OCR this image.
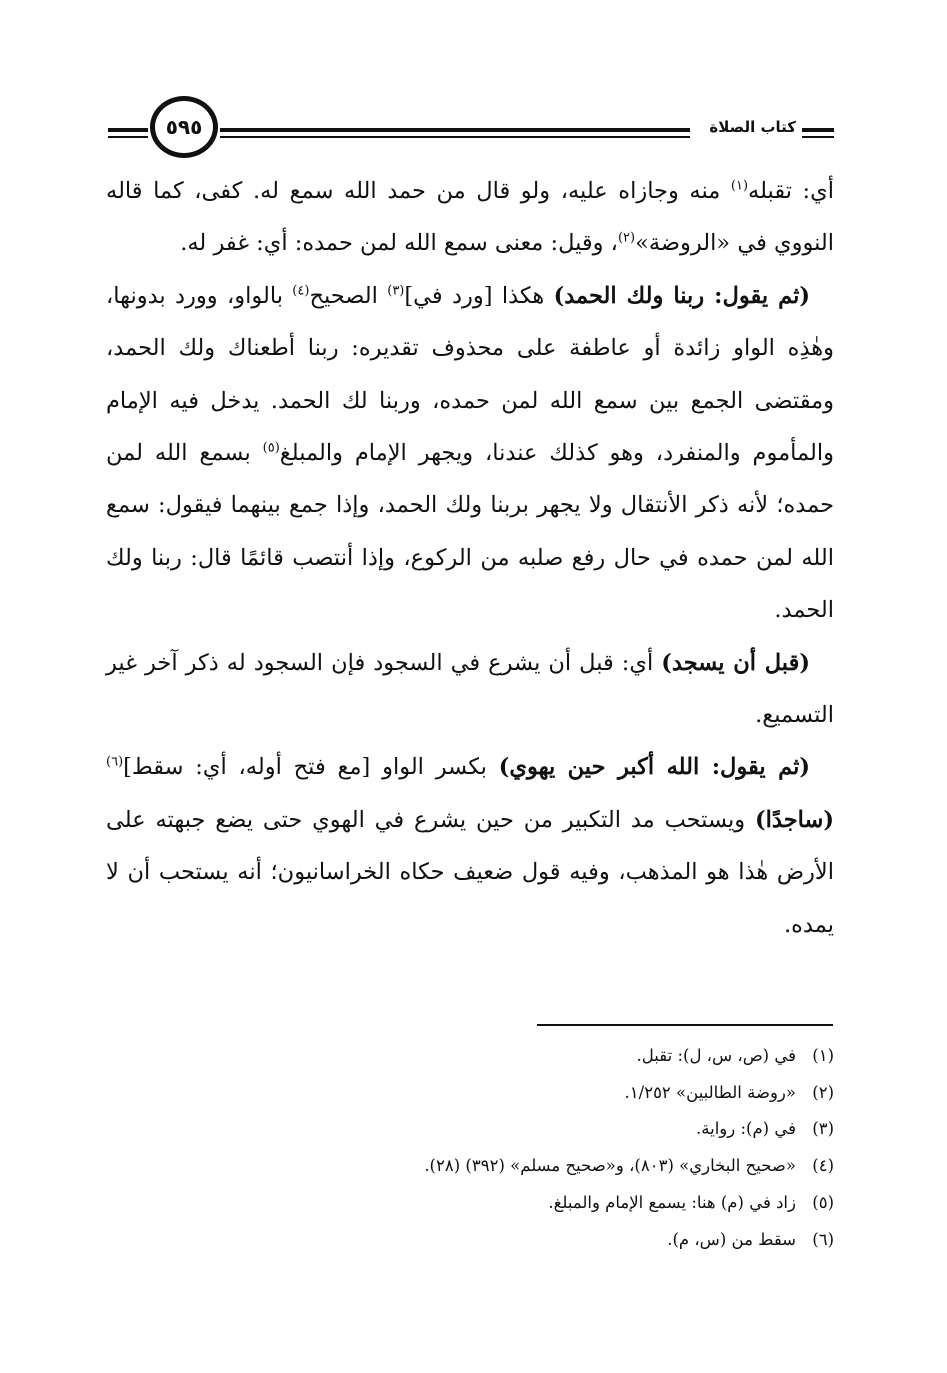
كتاب الصلاة
٥٩٥

أي: تقبله$^{(١)}$ منه وجازاه عليه، ولو قال من حمد الله سمع له. كفى، كما قاله النووي في «الروضة»$^{(٢)}$، وقيل: معنى سمع الله لمن حمده: أي: غفر له.

(ثم يقول: ربنا ولك الحمد) هكذا [ورد في]$^{(٣)}$ الصحيح$^{(٤)}$ بالواو، وورد بدونها، وهٰذِه الواو زائدة أو عاطفة على محذوف تقديره: ربنا أطعناك ولك الحمد، ومقتضى الجمع بين سمع الله لمن حمده، وربنا لك الحمد. يدخل فيه الإمام والمأموم والمنفرد، وهو كذلك عندنا، ويجهر الإمام والمبلغ$^{(٥)}$ بسمع الله لمن حمده؛ لأنه ذكر الأنتقال ولا يجهر بربنا ولك الحمد، وإذا جمع بينهما فيقول: سمع الله لمن حمده في حال رفع صلبه من الركوع، وإذا أنتصب قائمًا قال: ربنا ولك الحمد.

(قبل أن يسجد) أي: قبل أن يشرع في السجود فإن السجود له ذكر آخر غير التسميع.

(ثم يقول: الله أكبر حين يهوي) بكسر الواو [مع فتح أوله، أي: سقط]$^{(٦)}$ (ساجدًا) ويستحب مد التكبير من حين يشرع في الهوي حتى يضع جبهته على الأرض هٰذا هو المذهب، وفيه قول ضعيف حكاه الخراسانيون؛ أنه يستحب أن لا يمده.

(١)في (ص، س، ل): تقبل.
(٢)«روضة الطالبين» ١/٢٥٢.
(٣)في (م): رواية.
(٤)«صحيح البخاري» (٨٠٣)، و«صحيح مسلم» (٣٩٢) (٢٨).
(٥)زاد في (م) هنا: يسمع الإمام والمبلغ.
(٦)سقط من (س، م).
